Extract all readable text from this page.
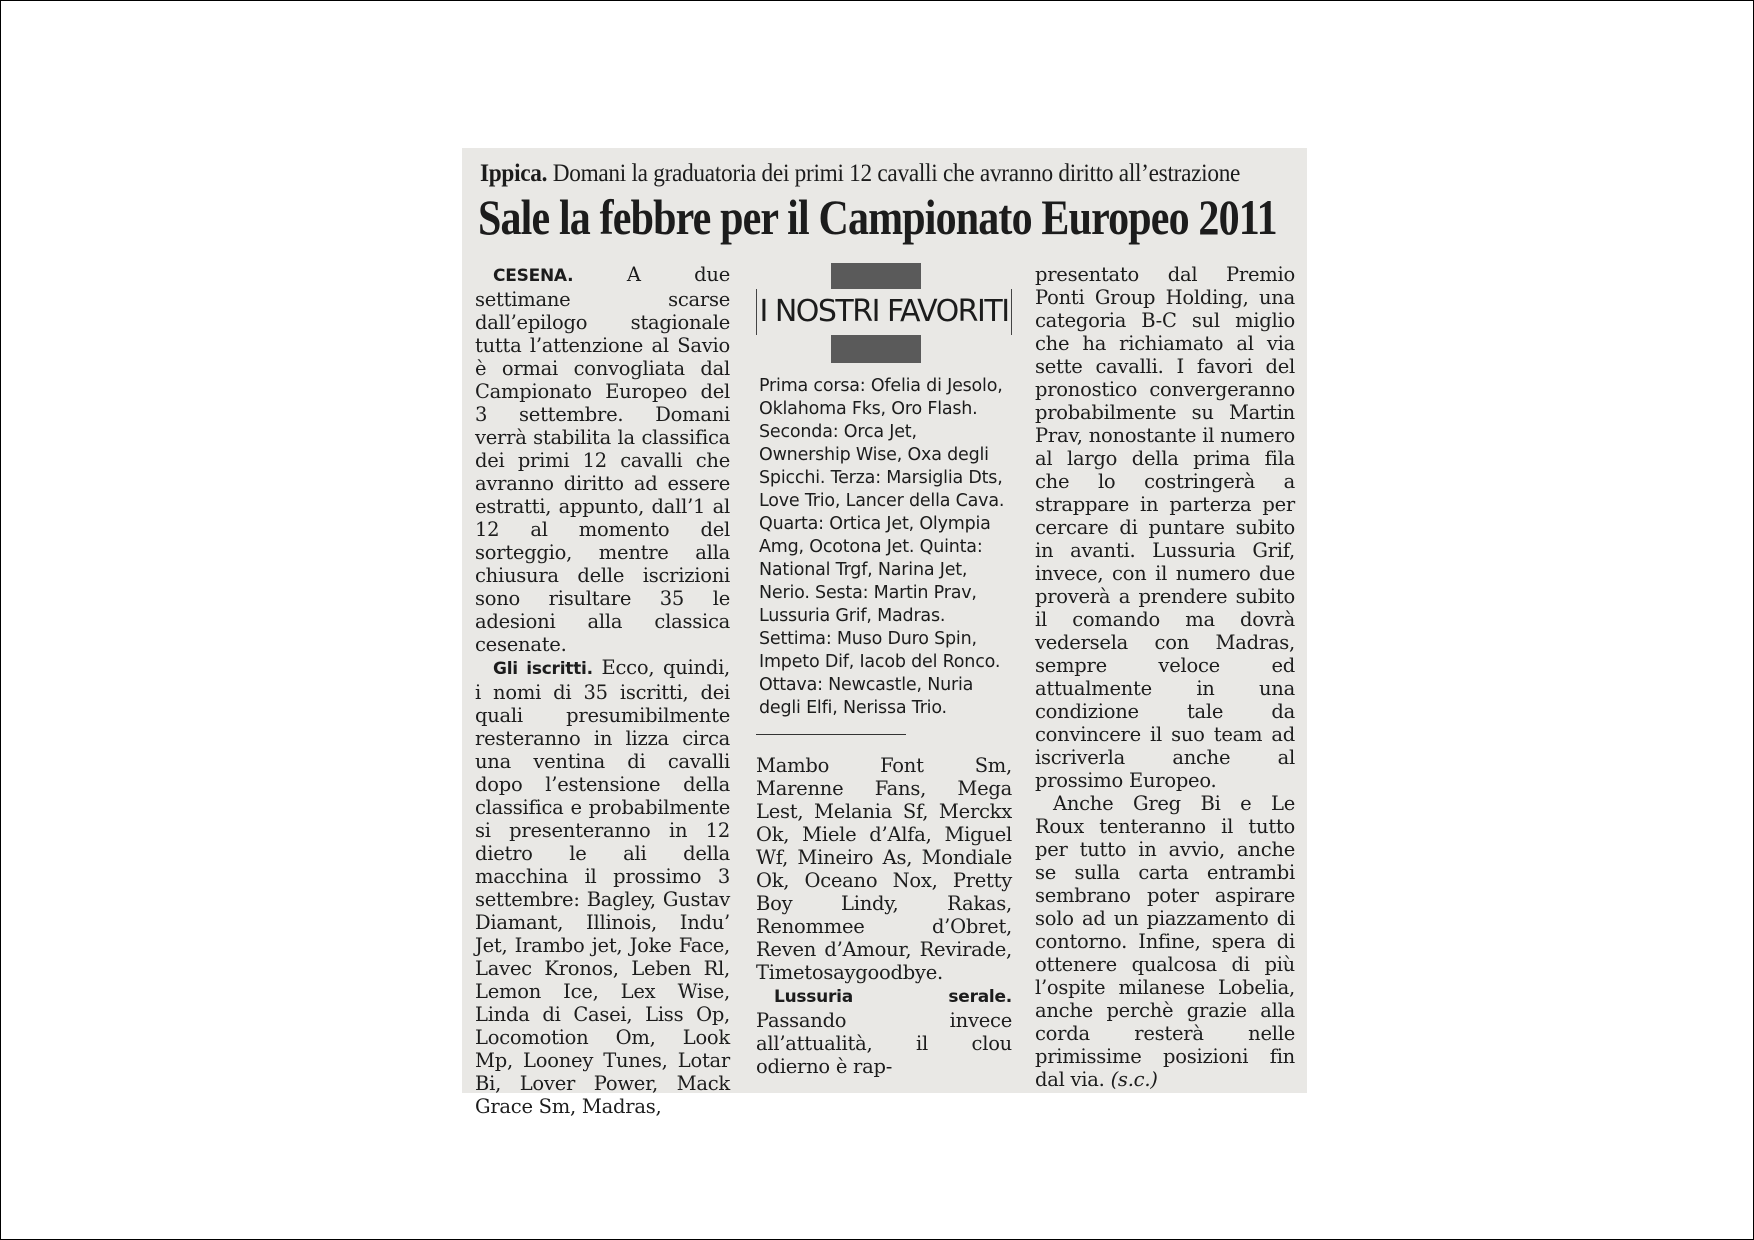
Ippica. Domani la graduatoria dei primi 12 cavalli che avranno diritto all’estrazione
Sale la febbre per il Campionato Europeo 2011

CESENA.	A due settimane scarse dall’epilogo stagionale tutta l’attenzione al Savio è ormai convogliata dal Campionato Europeo del 3 settembre. Domani verrà stabilita la classifica dei primi 12 cavalli che avranno diritto ad essere estratti, appunto, dall’1 al 12 al momento del sorteggio, mentre alla chiusura delle iscrizioni sono risultare 35 le adesioni alla classica cesenate.

Gli iscritti. Ecco, quindi, i nomi di 35 iscritti, dei quali presumibilmente resteranno in lizza circa una ventina di cavalli dopo l’estensione della classifica e probabilmente si presenteranno in 12 dietro le ali della macchina il prossimo 3 settembre: Bagley, Gustav Diamant, Illinois, Indu’ Jet, Irambo jet, Joke Face, Lavec Kronos, Leben Rl, Lemon Ice, Lex Wise, Linda di Casei, Liss Op, Locomotion Om, Look Mp, Looney Tunes, Lotar Bi, Lover Power, Mack Grace Sm, Madras,

I NOSTRI FAVORITI

Prima corsa: Ofelia di Jesolo, Oklahoma Fks, Oro Flash. Seconda: Orca Jet, Ownership Wise, Oxa degli Spicchi. Terza: Marsiglia Dts, Love Trio, Lancer della Cava. Quarta: Ortica Jet, Olympia Amg, Ocotona Jet. Quinta: National Trgf, Narina Jet, Nerio. Sesta: Martin Prav, Lussuria Grif, Madras. Settima: Muso Duro Spin, Impeto Dif, Iacob del Ronco. Ottava: Newcastle, Nuria degli Elfi, Nerissa Trio.

Mambo Font Sm, Marenne Fans, Mega Lest, Melania Sf, Merckx Ok, Miele d’Alfa, Miguel Wf, Mineiro As, Mondiale Ok, Oceano Nox, Pretty Boy Lindy, Rakas, Renommee d’Obret, Reven d’Amour, Revirade, Timetosaygoodbye.

Lussuria serale. Passando invece all’attualità, il clou odierno è rap-

presentato dal Premio Ponti Group Holding, una categoria B-C sul miglio che ha richiamato al via sette cavalli. I favori del pronostico convergeranno probabilmente su Martin Prav, nonostante il numero al largo della prima fila che lo costringerà a strappare in parterza per cercare di puntare subito in avanti. Lussuria Grif, invece, con il numero due proverà a prendere subito il comando ma dovrà vedersela con Madras, sempre veloce ed attualmente in una condizione tale da convincere il suo team ad iscriverla anche al prossimo Europeo.

Anche Greg Bi e Le Roux tenteranno il tutto per tutto in avvio, anche se sulla carta entrambi sembrano poter aspirare solo ad un piazzamento di contorno. Infine, spera di ottenere qualcosa di più l’ospite milanese Lobelia, anche perchè grazie alla corda resterà nelle primissime posizioni fin dal via. (s.c.)
